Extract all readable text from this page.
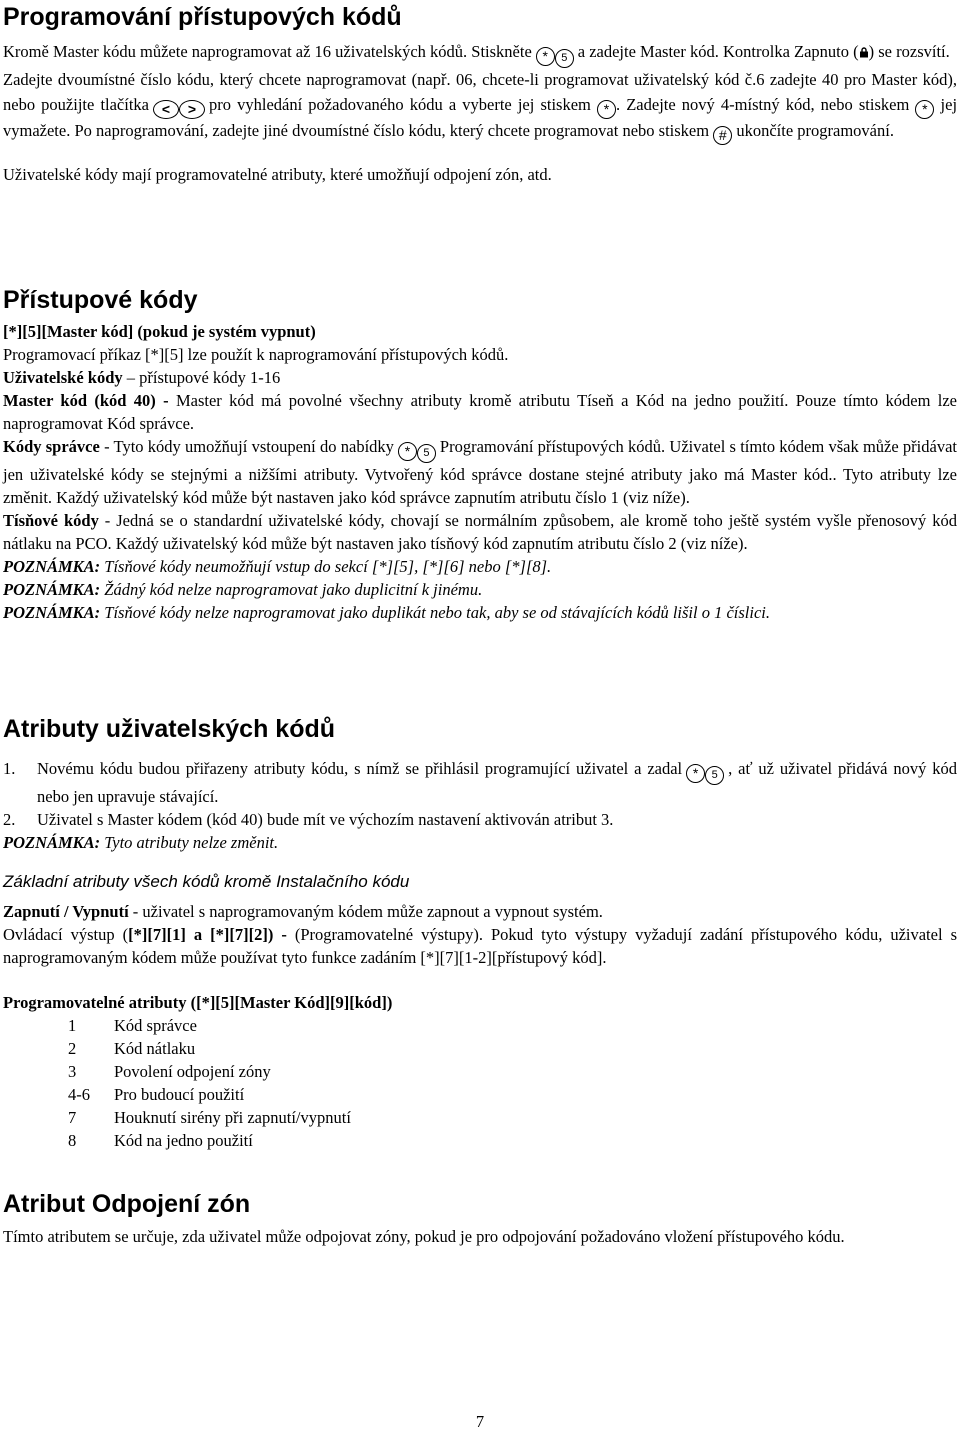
Programování přístupových kódů

Kromě Master kódu můžete naprogramovat až 16 uživatelských kódů. Stiskněte * 5 a zadejte Master kód. Kontrolka Zapnuto ( ) se rozsvítí.

Zadejte dvoumístné číslo kódu, který chcete naprogramovat (např. 06, chcete-li programovat uživatelský kód č.6 zadejte 40 pro Master kód), nebo použijte tlačítka < > pro vyhledání požadovaného kódu a vyberte jej stiskem * . Zadejte nový 4-místný kód, nebo stiskem * jej vymažete. Po naprogramování, zadejte jiné dvoumístné číslo kódu, který chcete programovat nebo stiskem # ukončíte programování.

Uživatelské kódy mají programovatelné atributy, které umožňují odpojení zón, atd.

Přístupové kódy

[*][5][Master kód] (pokud je systém vypnut)

Programovací příkaz [*][5] lze použít k naprogramování přístupových kódů.

Uživatelské kódy – přístupové kódy 1-16

Master kód (kód 40) - Master kód má povolné všechny atributy kromě atributu Tíseň a Kód na jedno použití. Pouze tímto kódem lze naprogramovat Kód správce.

Kódy správce - Tyto kódy umožňují vstoupení do nabídky * 5 Programování přístupových kódů. Uživatel s tímto kódem však může přidávat jen uživatelské kódy se stejnými a nižšími atributy. Vytvořený kód správce dostane stejné atributy jako má Master kód.. Tyto atributy lze změnit. Každý uživatelský kód může být nastaven jako kód správce zapnutím atributu číslo 1 (viz níže).

Tísňové kódy - Jedná se o standardní uživatelské kódy, chovají se normálním způsobem, ale kromě toho ještě systém vyšle přenosový kód nátlaku na PCO. Každý uživatelský kód může být nastaven jako tísňový kód zapnutím atributu číslo 2 (viz níže).

POZNÁMKA: Tísňové kódy neumožňují vstup do sekcí [*][5], [*][6] nebo [*][8].

POZNÁMKA: Žádný kód nelze naprogramovat jako duplicitní k jinému.

POZNÁMKA: Tísňové kódy nelze naprogramovat jako duplikát nebo tak, aby se od stávajících kódů lišil o 1 číslici.

Atributy uživatelských kódů
1.	Novému kódu budou přiřazeny atributy kódu, s nímž se přihlásil programující uživatel a zadal * 5 , ať už uživatel přidává nový kód nebo jen upravuje stávající.
2.	Uživatel s Master kódem (kód 40) bude mít ve výchozím nastavení aktivován atribut 3.

POZNÁMKA: Tyto atributy nelze změnit.

Základní atributy všech kódů kromě Instalačního kódu

Zapnutí / Vypnutí - uživatel s naprogramovaným kódem může zapnout a vypnout systém.

Ovládací výstup ([*][7][1] a [*][7][2]) - (Programovatelné výstupy). Pokud tyto výstupy vyžadují zadání přístupového kódu, uživatel s naprogramovaným kódem může používat tyto funkce zadáním [*][7][1-2][přístupový kód].

Programovatelné atributy ([*][5][Master Kód][9][kód])

1	Kód správce
2	Kód nátlaku
3	Povolení odpojení zóny
4-6	Pro budoucí použití
7	Houknutí sirény při zapnutí/vypnutí
8	Kód na jedno použití
Atribut Odpojení zón

Tímto atributem se určuje, zda uživatel může odpojovat zóny, pokud je pro odpojování požadováno vložení přístupového kódu.

7
